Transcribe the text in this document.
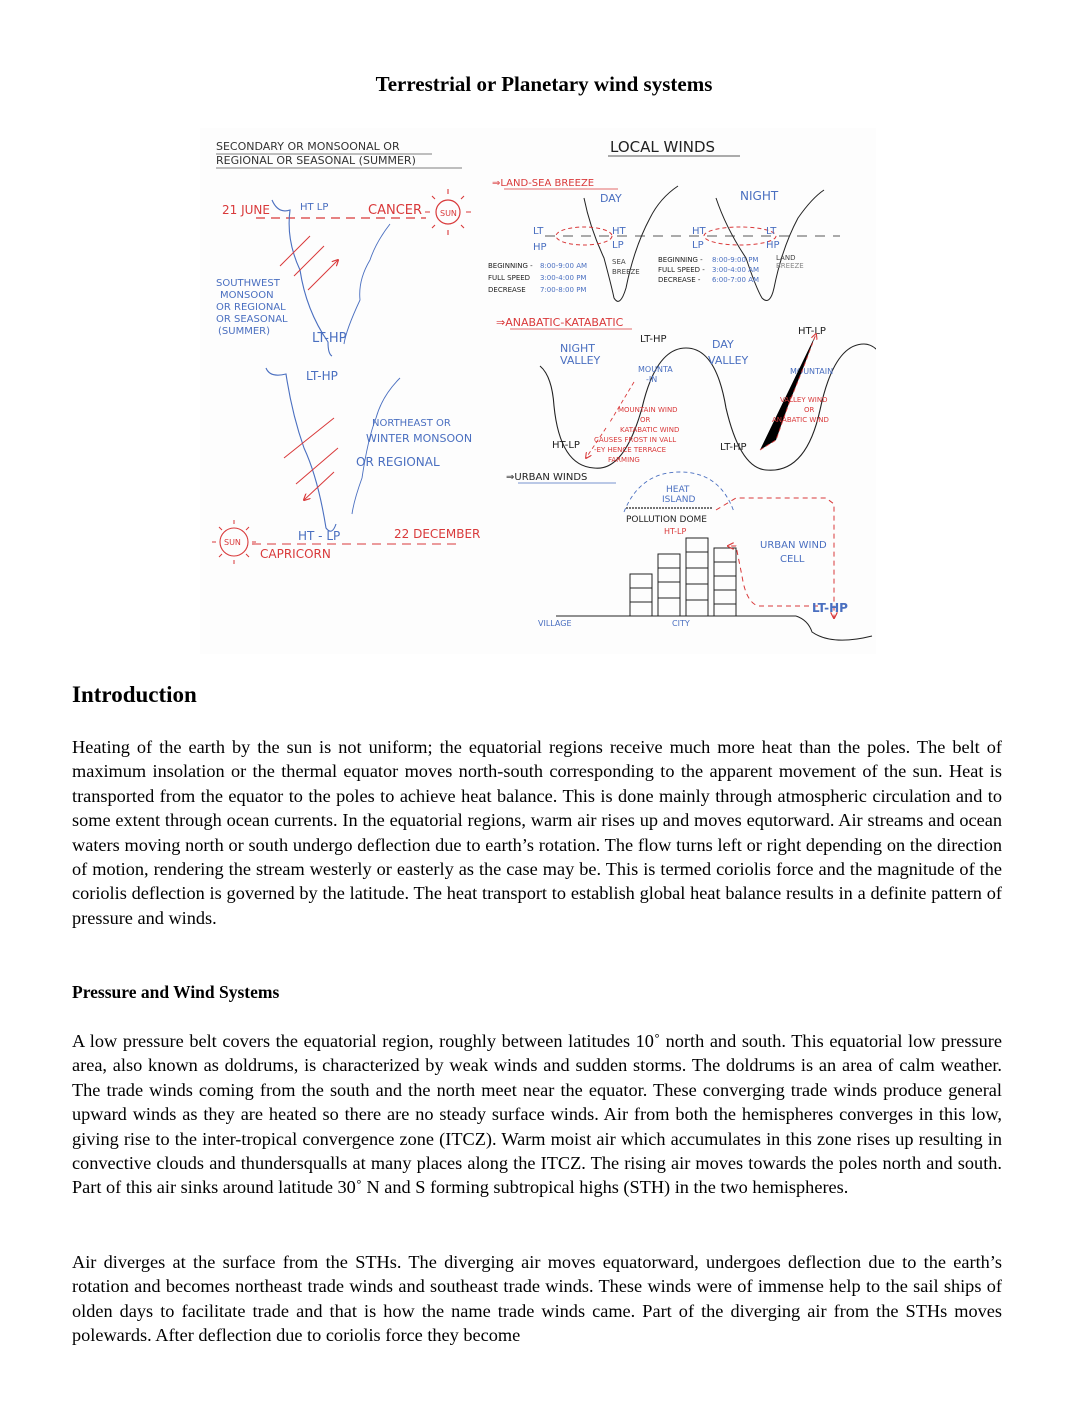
Terrestrial or Planetary wind systems
SECONDARY OR MONSOONAL OR
REGIONAL OR SEASONAL (SUMMER)
21 JUNE	HT LP	CANCER SUN
SOUTHWEST
MONSOON
OR REGIONAL
OR SEASONAL
(SUMMER)	LT-HP
LT-HP
NORTHEAST OR
WINTER MONSOON
OR REGIONAL
SUN	HT - LP	22 DECEMBER
CAPRICORN
LOCAL WINDS
⇒LAND-SEA BREEZE
DAY	NIGHT
LT
HP
HT
LP
SEA
BREEZE
HT
LP
LT
HP
LAND
BREEZE
BEGINNING - 8:00-9:00 AM
FULL SPEED 3:00-4:00 PM
DECREASE 7:00-8:00 PM
BEGINNING - 8:00-9:00 PM
FULL SPEED - 3:00-4:00 AM
DECREASE - 6:00-7:00 AM
⇒ANABATIC-KATABATIC
NIGHT
VALLEY
DAY
VALLEY
LT-HP
HT-LP
MOUNTA
-IN
MOUNTAIN
MOUNTAIN WIND
OR
KATABATIC WIND
CAUSES FROST IN VALL
-EY HENCE TERRACE
FARMING
VALLEY WIND
OR
ANABATIC WIND
HT-LP	LT-HP
⇒URBAN WINDS
HEAT
ISLAND
POLLUTION DOME
HT-LP
URBAN WIND
CELL
LT-HP
VILLAGE	CITY
Introduction

Heating of the earth by the sun is not uniform; the equatorial regions receive much more heat than the poles. The belt of maximum insolation or the thermal equator moves north-south corresponding to the apparent movement of the sun. Heat is transported from the equator to the poles to achieve heat balance. This is done mainly through atmospheric circulation and to some extent through ocean currents. In the equatorial regions, warm air rises up and moves equtorward. Air streams and ocean waters moving north or south undergo deflection due to earth’s rotation. The flow turns left or right depending on the direction of motion, rendering the stream westerly or easterly as the case may be. This is termed coriolis force and the magnitude of the coriolis deflection is governed by the latitude. The heat transport to establish global heat balance results in a definite pattern of pressure and winds.

Pressure and Wind Systems

A low pressure belt covers the equatorial region, roughly between latitudes 10˚ north and south. This equatorial low pressure area, also known as doldrums, is characterized by weak winds and sudden storms. The doldrums is an area of calm weather. The trade winds coming from the south and the north meet near the equator. These converging trade winds produce general upward winds as they are heated so there are no steady surface winds. Air from both the hemispheres converges in this low, giving rise to the inter-tropical convergence zone (ITCZ). Warm moist air which accumulates in this zone rises up resulting in convective clouds and thundersqualls at many places along the ITCZ. The rising air moves towards the poles north and south. Part of this air sinks around latitude 30˚ N and S forming subtropical highs (STH) in the two hemispheres.

Air diverges at the surface from the STHs. The diverging air moves equatorward, undergoes deflection due to the earth’s rotation and becomes northeast trade winds and southeast trade winds. These winds were of immense help to the sail ships of olden days to facilitate trade and that is how the name trade winds came. Part of the diverging air from the STHs moves polewards. After deflection due to coriolis force they become
